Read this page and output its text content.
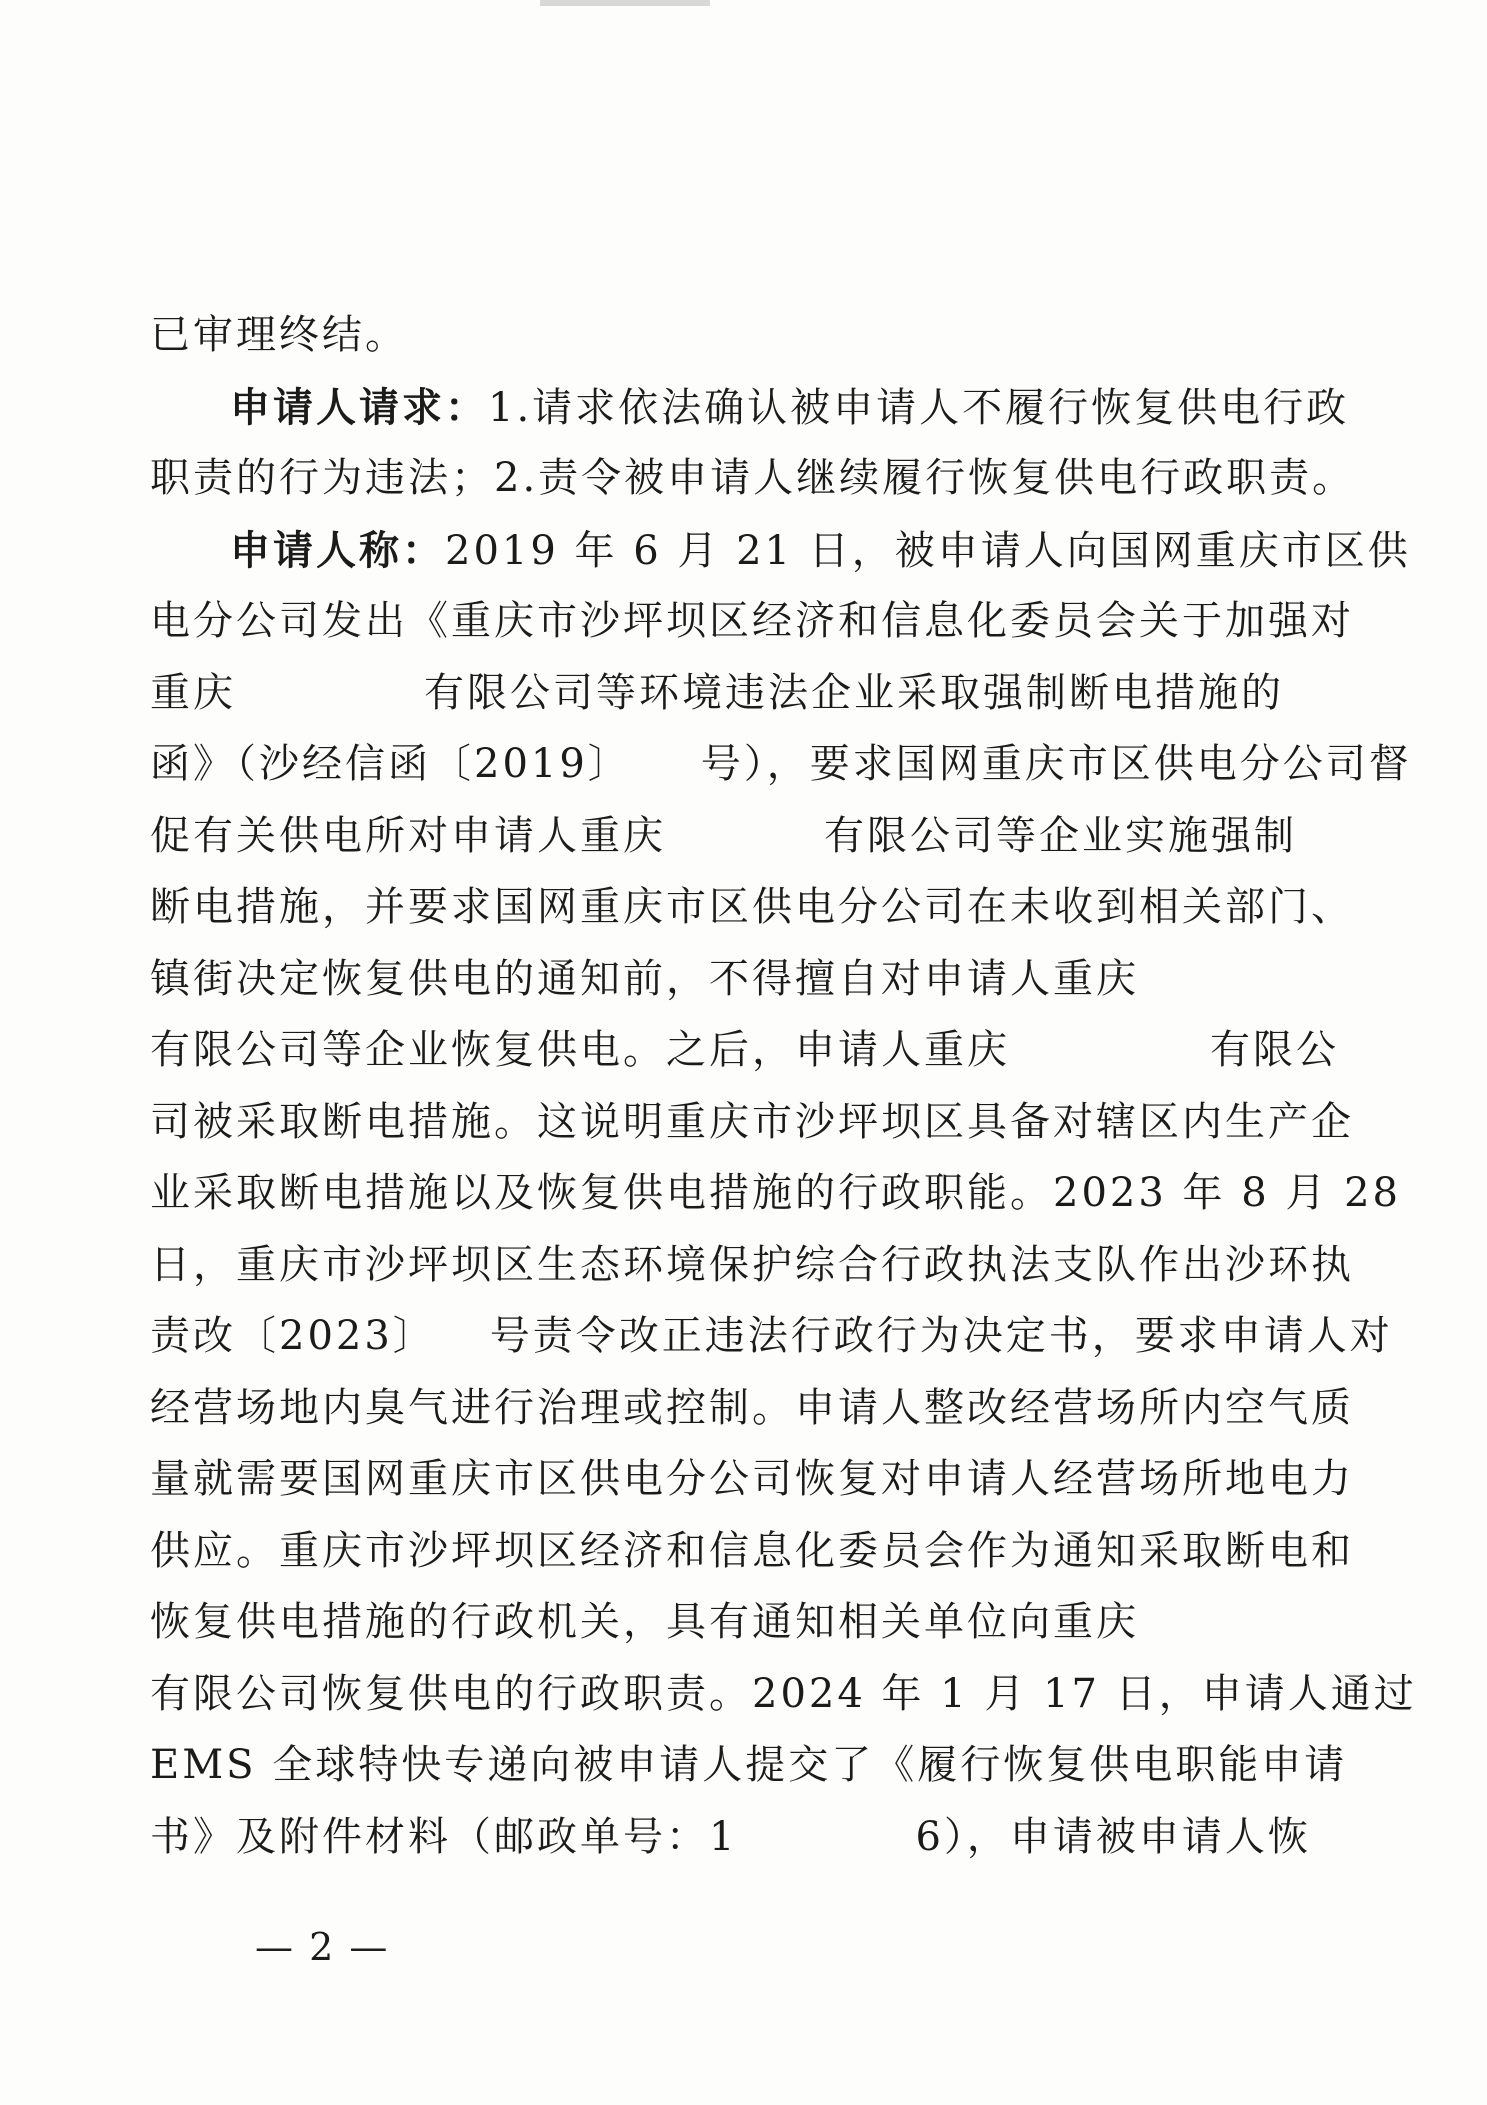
已审理终结。
申请人请求：1.请求依法确认被申请人不履行恢复供电行政
职责的行为违法；2.责令被申请人继续履行恢复供电行政职责。
申请人称：2019 年 6 月 21 日，被申请人向国网重庆市区供
电分公司发出《重庆市沙坪坝区经济和信息化委员会关于加强对
重庆	有限公司等环境违法企业采取强制断电措施的
函》（沙经信函〔2019〕 号），要求国网重庆市区供电分公司督
促有关供电所对申请人重庆	有限公司等企业实施强制
断电措施，并要求国网重庆市区供电分公司在未收到相关部门、
镇街决定恢复供电的通知前，不得擅自对申请人重庆
有限公司等企业恢复供电。之后，申请人重庆	有限公
司被采取断电措施。这说明重庆市沙坪坝区具备对辖区内生产企
业采取断电措施以及恢复供电措施的行政职能。2023 年 8 月 28
日，重庆市沙坪坝区生态环境保护综合行政执法支队作出沙环执
责改〔2023〕 号责令改正违法行政行为决定书，要求申请人对
经营场地内臭气进行治理或控制。申请人整改经营场所内空气质
量就需要国网重庆市区供电分公司恢复对申请人经营场所地电力
供应。重庆市沙坪坝区经济和信息化委员会作为通知采取断电和
恢复供电措施的行政机关，具有通知相关单位向重庆
有限公司恢复供电的行政职责。2024 年 1 月 17 日，申请人通过
EMS 全球特快专递向被申请人提交了《履行恢复供电职能申请
书》及附件材料（邮政单号：1	6），申请被申请人恢
— 2 —
